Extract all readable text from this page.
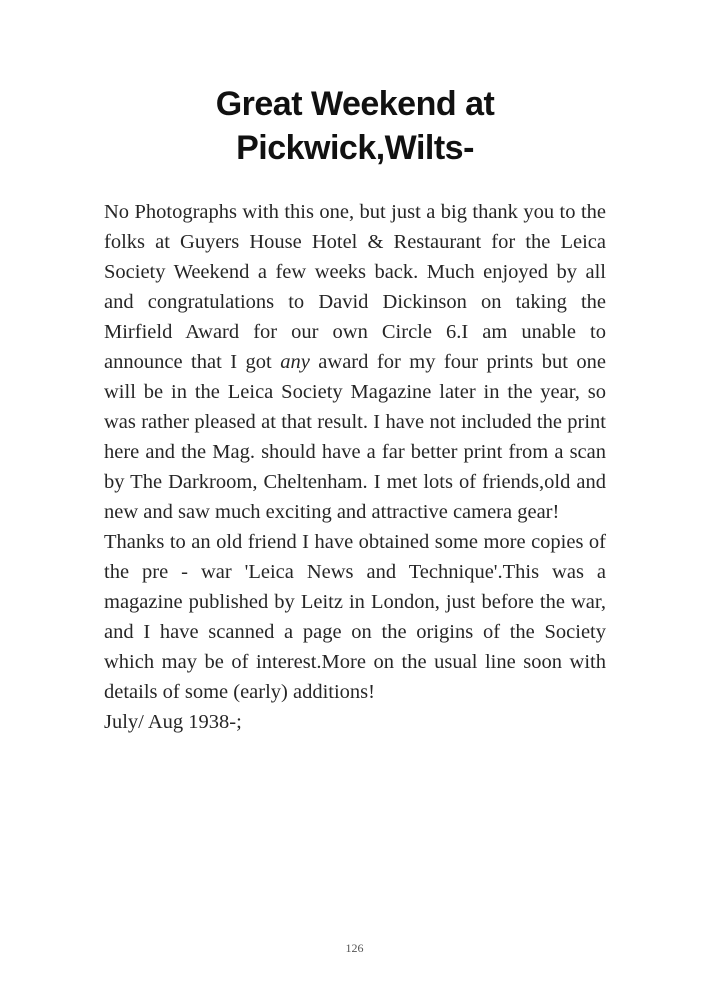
Great Weekend at
Pickwick,Wilts-

No Photographs with this one, but just a big thank you to the folks at Guyers House Hotel & Restaurant for the Leica Society Weekend a few weeks back. Much enjoyed by all and congratulations to David Dickinson on taking the Mirfield Award for our own Circle 6.I am unable to announce that I got any award for my four prints but one will be in the Leica Society Magazine later in the year, so was rather pleased at that result. I have not included the print here and the Mag. should have a far better print from a scan by The Darkroom, Cheltenham. I met lots of friends,old and new and saw much exciting and attractive camera gear!

Thanks to an old friend I have obtained some more copies of the pre - war 'Leica News and Technique'.This was a magazine published by Leitz in London, just before the war, and I have scanned a page on the origins of the Society which may be of interest.More on the usual line soon with details of some (early) additions!

July/ Aug 1938-;

126
